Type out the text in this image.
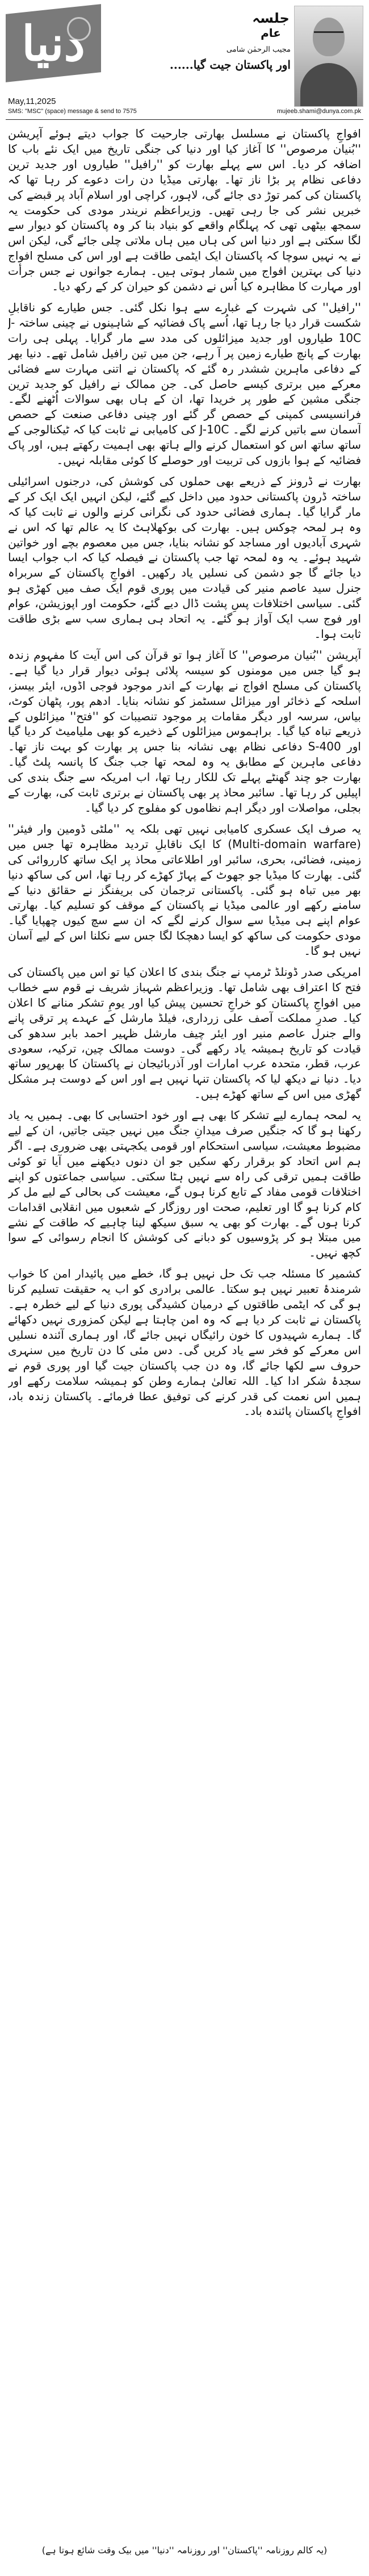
دنیا	جلسہ
عام
مجیب الرحمٰن شامی
اور پاکستان جیت گیا......
May,11,2025
SMS: "MSC" (space) message & send to 7575	mujeeb.shami@dunya.com.pk

افواجِ پاکستان نے مسلسل بھارتی جارحیت کا جواب دیتے ہوئے آپریشن ''بُنیان مرصوص'' کا آغاز کیا اور دنیا کی جنگی تاریخ میں ایک نئے باب کا اضافہ کر دیا۔ اس سے پہلے بھارت کو ''رافیل'' طیاروں اور جدید ترین دفاعی نظام پر بڑا ناز تھا۔ بھارتی میڈیا دن رات دعوے کر رہا تھا کہ پاکستان کی کمر توڑ دی جائے گی، لاہور، کراچی اور اسلام آباد پر قبضے کی خبریں نشر کی جا رہی تھیں۔ وزیراعظم نریندر مودی کی حکومت یہ سمجھ بیٹھی تھی کہ پہلگام واقعے کو بنیاد بنا کر وہ پاکستان کو دیوار سے لگا سکتی ہے اور دنیا اس کی ہاں میں ہاں ملاتی چلی جائے گی، لیکن اس نے یہ نہیں سوچا کہ پاکستان ایک ایٹمی طاقت ہے اور اس کی مسلح افواج دنیا کی بہترین افواج میں شمار ہوتی ہیں۔ ہمارے جوانوں نے جس جرأت اور مہارت کا مظاہرہ کیا اُس نے دشمن کو حیران کر کے رکھ دیا۔

''رافیل'' کی شہرت کے غبارے سے ہوا نکل گئی۔ جس طیارے کو ناقابلِ شکست قرار دیا جا رہا تھا، اُسے پاک فضائیہ کے شاہینوں نے چینی ساختہ J-10C طیاروں اور جدید میزائلوں کی مدد سے مار گرایا۔ پہلی ہی رات بھارت کے پانچ طیارے زمین پر آ رہے، جن میں تین رافیل شامل تھے۔ دنیا بھر کے دفاعی ماہرین ششدر رہ گئے کہ پاکستان نے اتنی مہارت سے فضائی معرکے میں برتری کیسے حاصل کی۔ جن ممالک نے رافیل کو جدید ترین جنگی مشین کے طور پر خریدا تھا، ان کے ہاں بھی سوالات اُٹھنے لگے۔ فرانسیسی کمپنی کے حصص گر گئے اور چینی دفاعی صنعت کے حصص آسمان سے باتیں کرنے لگے۔ J-10C کی کامیابی نے ثابت کیا کہ ٹیکنالوجی کے ساتھ ساتھ اس کو استعمال کرنے والے ہاتھ بھی اہمیت رکھتے ہیں، اور پاک فضائیہ کے ہوا بازوں کی تربیت اور حوصلے کا کوئی مقابلہ نہیں۔

بھارت نے ڈرونز کے ذریعے بھی حملوں کی کوشش کی، درجنوں اسرائیلی ساختہ ڈرون پاکستانی حدود میں داخل کیے گئے، لیکن انہیں ایک ایک کر کے مار گرایا گیا۔ ہماری فضائی حدود کی نگرانی کرنے والوں نے ثابت کیا کہ وہ ہر لمحہ چوکس ہیں۔ بھارت کی بوکھلاہٹ کا یہ عالم تھا کہ اس نے شہری آبادیوں اور مساجد کو نشانہ بنایا، جس میں معصوم بچے اور خواتین شہید ہوئے۔ یہ وہ لمحہ تھا جب پاکستان نے فیصلہ کیا کہ اب جواب ایسا دیا جائے گا جو دشمن کی نسلیں یاد رکھیں۔ افواجِ پاکستان کے سربراہ جنرل سید عاصم منیر کی قیادت میں پوری قوم ایک صف میں کھڑی ہو گئی۔ سیاسی اختلافات پسِ پشت ڈال دیے گئے، حکومت اور اپوزیشن، عوام اور فوج سب ایک آواز ہو گئے۔ یہ اتحاد ہی ہماری سب سے بڑی طاقت ثابت ہوا۔

آپریشن ''بُنیان مرصوص'' کا آغاز ہوا تو قرآن کی اس آیت کا مفہوم زندہ ہو گیا جس میں مومنوں کو سیسہ پلائی ہوئی دیوار قرار دیا گیا ہے۔ پاکستان کی مسلح افواج نے بھارت کے اندر موجود فوجی اڈوں، ایئر بیسز، اسلحہ کے ذخائر اور میزائل سسٹمز کو نشانہ بنایا۔ ادھم پور، پٹھان کوٹ، بیاس، سرسہ اور دیگر مقامات پر موجود تنصیبات کو ''فتح'' میزائلوں کے ذریعے تباہ کیا گیا۔ براہموس میزائلوں کے ذخیرے کو بھی ملیامیٹ کر دیا گیا اور S-400 دفاعی نظام بھی نشانہ بنا جس پر بھارت کو بہت ناز تھا۔ دفاعی ماہرین کے مطابق یہ وہ لمحہ تھا جب جنگ کا پانسہ پلٹ گیا۔ بھارت جو چند گھنٹے پہلے تک للکار رہا تھا، اب امریکہ سے جنگ بندی کی اپیلیں کر رہا تھا۔ سائبر محاذ پر بھی پاکستان نے برتری ثابت کی، بھارت کے بجلی، مواصلات اور دیگر اہم نظاموں کو مفلوج کر دیا گیا۔

یہ صرف ایک عسکری کامیابی نہیں تھی بلکہ یہ ''ملٹی ڈومین وار فیئر'' (Multi-domain warfare) کا ایک ناقابلِ تردید مظاہرہ تھا جس میں زمینی، فضائی، بحری، سائبر اور اطلاعاتی محاذ پر ایک ساتھ کارروائی کی گئی۔ بھارت کا میڈیا جو جھوٹ کے پہاڑ کھڑے کر رہا تھا، اس کی ساکھ دنیا بھر میں تباہ ہو گئی۔ پاکستانی ترجمان کی بریفنگز نے حقائق دنیا کے سامنے رکھے اور عالمی میڈیا نے پاکستان کے موقف کو تسلیم کیا۔ بھارتی عوام اپنے ہی میڈیا سے سوال کرنے لگے کہ ان سے سچ کیوں چھپایا گیا۔ مودی حکومت کی ساکھ کو ایسا دھچکا لگا جس سے نکلنا اس کے لیے آسان نہیں ہو گا۔

امریکی صدر ڈونلڈ ٹرمپ نے جنگ بندی کا اعلان کیا تو اس میں پاکستان کی فتح کا اعتراف بھی شامل تھا۔ وزیراعظم شہباز شریف نے قوم سے خطاب میں افواجِ پاکستان کو خراجِ تحسین پیش کیا اور یومِ تشکر منانے کا اعلان کیا۔ صدرِ مملکت آصف علی زرداری، فیلڈ مارشل کے عہدے پر ترقی پانے والے جنرل عاصم منیر اور ایئر چیف مارشل ظہیر احمد بابر سدھو کی قیادت کو تاریخ ہمیشہ یاد رکھے گی۔ دوست ممالک چین، ترکیہ، سعودی عرب، قطر، متحدہ عرب امارات اور آذربائیجان نے پاکستان کا بھرپور ساتھ دیا۔ دنیا نے دیکھ لیا کہ پاکستان تنہا نہیں ہے اور اس کے دوست ہر مشکل گھڑی میں اس کے ساتھ کھڑے ہیں۔

یہ لمحہ ہمارے لیے تشکر کا بھی ہے اور خود احتسابی کا بھی۔ ہمیں یہ یاد رکھنا ہو گا کہ جنگیں صرف میدانِ جنگ میں نہیں جیتی جاتیں، ان کے لیے مضبوط معیشت، سیاسی استحکام اور قومی یکجہتی بھی ضروری ہے۔ اگر ہم اس اتحاد کو برقرار رکھ سکیں جو ان دنوں دیکھنے میں آیا تو کوئی طاقت ہمیں ترقی کی راہ سے نہیں ہٹا سکتی۔ سیاسی جماعتوں کو اپنے اختلافات قومی مفاد کے تابع کرنا ہوں گے، معیشت کی بحالی کے لیے مل کر کام کرنا ہو گا اور تعلیم، صحت اور روزگار کے شعبوں میں انقلابی اقدامات کرنا ہوں گے۔ بھارت کو بھی یہ سبق سیکھ لینا چاہیے کہ طاقت کے نشے میں مبتلا ہو کر پڑوسیوں کو دبانے کی کوشش کا انجام رسوائی کے سوا کچھ نہیں۔

کشمیر کا مسئلہ جب تک حل نہیں ہو گا، خطے میں پائیدار امن کا خواب شرمندۂ تعبیر نہیں ہو سکتا۔ عالمی برادری کو اب یہ حقیقت تسلیم کرنا ہو گی کہ ایٹمی طاقتوں کے درمیان کشیدگی پوری دنیا کے لیے خطرہ ہے۔ پاکستان نے ثابت کر دیا ہے کہ وہ امن چاہتا ہے لیکن کمزوری نہیں دکھائے گا۔ ہمارے شہیدوں کا خون رائیگاں نہیں جائے گا، اور ہماری آئندہ نسلیں اس معرکے کو فخر سے یاد کریں گی۔ دس مئی کا دن تاریخ میں سنہری حروف سے لکھا جائے گا، وہ دن جب پاکستان جیت گیا اور پوری قوم نے سجدۂ شکر ادا کیا۔ اللہ تعالیٰ ہمارے وطن کو ہمیشہ سلامت رکھے اور ہمیں اس نعمت کی قدر کرنے کی توفیق عطا فرمائے۔ پاکستان زندہ باد، افواجِ پاکستان پائندہ باد۔

(یہ کالم روزنامہ ''پاکستان'' اور روزنامہ ''دنیا'' میں بیک وقت شائع ہوتا ہے)
